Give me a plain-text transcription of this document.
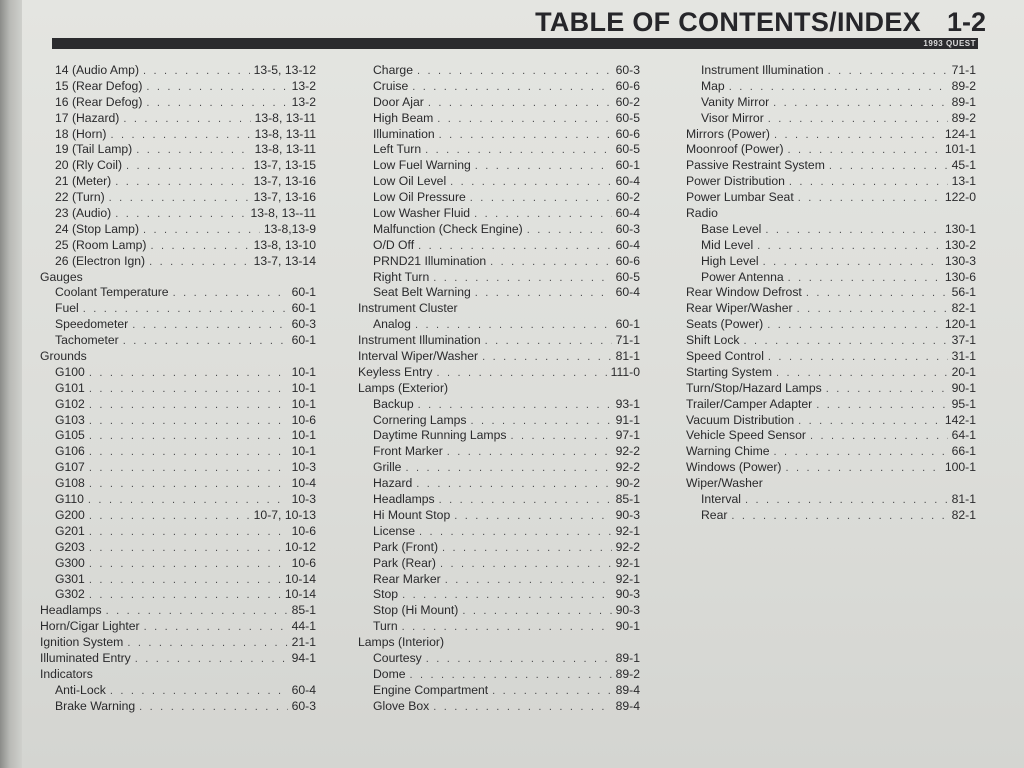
TABLE OF CONTENTS/INDEX 1-2
1993 QUEST
14 (Audio Amp) . . .	13-5, 13-12
15 (Rear Defog) . . .	13-2
16 (Rear Defog) . . .	13-2
17 (Hazard) . . .	13-8, 13-11
18 (Horn) . . .	13-8, 13-11
19 (Tail Lamp) . . .	13-8, 13-11
20 (Rly Coil) . . .	13-7, 13-15
21 (Meter) . . .	13-7, 13-16
22 (Turn) . . .	13-7, 13-16
23 (Audio) . . .	13-8, 13--11
24 (Stop Lamp) . . .	13-8,13-9
25 (Room Lamp) . . .	13-8, 13-10
26 (Electron Ign) . . .	13-7, 13-14
Gauges
Coolant Temperature . . .	60-1
Fuel . . .	60-1
Speedometer . . .	60-3
Tachometer . . .	60-1
Grounds
G100 . . .	10-1
G101 . . .	10-1
G102 . . .	10-1
G103 . . .	10-6
G105 . . .	10-1
G106 . . .	10-1
G107 . . .	10-3
G108 . . .	10-4
G110 . . .	10-3
G200 . . .	10-7, 10-13
G201 . . .	10-6
G203 . . .	10-12
G300 . . .	10-6
G301 . . .	10-14
G302 . . .	10-14
Headlamps . . .	85-1
Horn/Cigar Lighter . . .	44-1
Ignition System . . .	21-1
Illuminated Entry . . .	94-1
Indicators
Anti-Lock . . .	60-4
Brake Warning . . .	60-3
Charge . . .	60-3
Cruise . . .	60-6
Door Ajar . . .	60-2
High Beam . . .	60-5
Illumination . . .	60-6
Left Turn . . .	60-5
Low Fuel Warning . . .	60-1
Low Oil Level . . .	60-4
Low Oil Pressure . . .	60-2
Low Washer Fluid . . .	60-4
Malfunction (Check Engine) . . .	60-3
O/D Off . . .	60-4
PRND21 Illumination . . .	60-6
Right Turn . . .	60-5
Seat Belt Warning . . .	60-4
Instrument Cluster
Analog . . .	60-1
Instrument Illumination . . .	71-1
Interval Wiper/Washer . . .	81-1
Keyless Entry . . .	111-0
Lamps (Exterior)
Backup . . .	93-1
Cornering Lamps . . .	91-1
Daytime Running Lamps . . .	97-1
Front Marker . . .	92-2
Grille . . .	92-2
Hazard . . .	90-2
Headlamps . . .	85-1
Hi Mount Stop . . .	90-3
License . . .	92-1
Park (Front) . . .	92-2
Park (Rear) . . .	92-1
Rear Marker . . .	92-1
Stop . . .	90-3
Stop (Hi Mount) . . .	90-3
Turn . . .	90-1
Lamps (Interior)
Courtesy . . .	89-1
Dome . . .	89-2
Engine Compartment . . .	89-4
Glove Box . . .	89-4
Instrument Illumination . . .	71-1
Map . . .	89-2
Vanity Mirror . . .	89-1
Visor Mirror . . .	89-2
Mirrors (Power) . . .	124-1
Moonroof (Power) . . .	101-1
Passive Restraint System . . .	45-1
Power Distribution . . .	13-1
Power Lumbar Seat . . .	122-0
Radio
Base Level . . .	130-1
Mid Level . . .	130-2
High Level . . .	130-3
Power Antenna . . .	130-6
Rear Window Defrost . . .	56-1
Rear Wiper/Washer . . .	82-1
Seats (Power) . . .	120-1
Shift Lock . . .	37-1
Speed Control . . .	31-1
Starting System . . .	20-1
Turn/Stop/Hazard Lamps . . .	90-1
Trailer/Camper Adapter . . .	95-1
Vacuum Distribution . . .	142-1
Vehicle Speed Sensor . . .	64-1
Warning Chime . . .	66-1
Windows (Power) . . .	100-1
Wiper/Washer
Interval . . .	81-1
Rear . . .	82-1
